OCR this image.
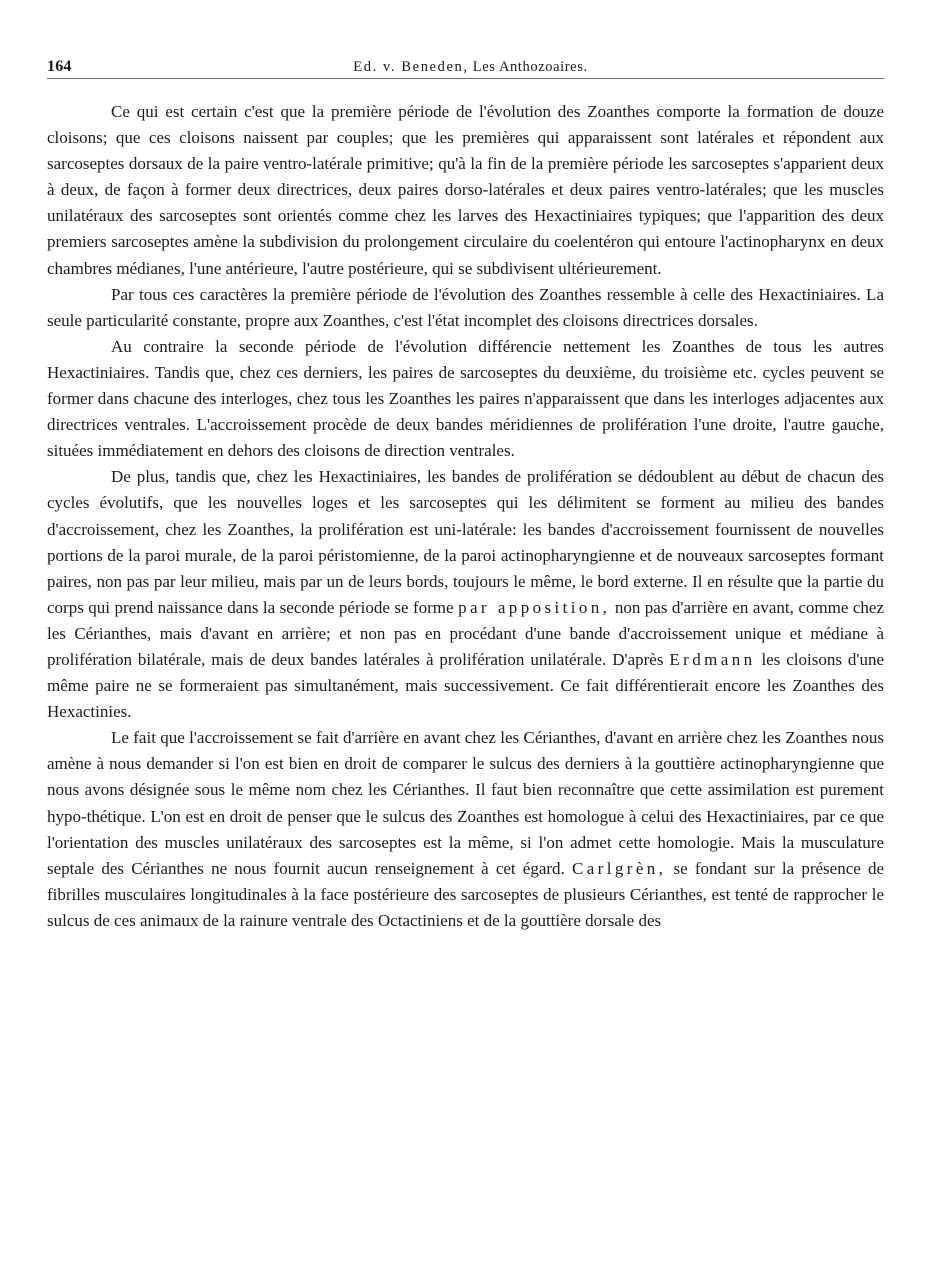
164	Ed. v. Beneden, Les Anthozoaires.

Ce qui est certain c'est que la première période de l'évolution des Zoanthes comporte la formation de douze cloisons; que ces cloisons naissent par couples; que les premières qui apparaissent sont latérales et répondent aux sarcoseptes dorsaux de la paire ventro-latérale primitive; qu'à la fin de la première période les sarcoseptes s'apparient deux à deux, de façon à former deux directrices, deux paires dorso-latérales et deux paires ventro-latérales; que les muscles unilatéraux des sarcoseptes sont orientés comme chez les larves des Hexactiniaires typiques; que l'apparition des deux premiers sarcoseptes amène la subdivision du prolongement circulaire du coelentéron qui entoure l'actinopharynx en deux chambres médianes, l'une antérieure, l'autre postérieure, qui se subdivisent ultérieurement.

Par tous ces caractères la première période de l'évolution des Zoanthes ressemble à celle des Hexactiniaires. La seule particularité constante, propre aux Zoanthes, c'est l'état incomplet des cloisons directrices dorsales.

Au contraire la seconde période de l'évolution différencie nettement les Zoanthes de tous les autres Hexactiniaires. Tandis que, chez ces derniers, les paires de sarcoseptes du deuxième, du troisième etc. cycles peuvent se former dans chacune des interloges, chez tous les Zoanthes les paires n'apparaissent que dans les interloges adjacentes aux directrices ventrales. L'accroissement procède de deux bandes méridiennes de prolifération l'une droite, l'autre gauche, situées immédiatement en dehors des cloisons de direction ventrales.

De plus, tandis que, chez les Hexactiniaires, les bandes de prolifération se dédoublent au début de chacun des cycles évolutifs, que les nouvelles loges et les sarcoseptes qui les délimitent se forment au milieu des bandes d'accroissement, chez les Zoanthes, la prolifération est uni-latérale: les bandes d'accroissement fournissent de nouvelles portions de la paroi murale, de la paroi péristomienne, de la paroi actinopharyngienne et de nouveaux sarcoseptes formant paires, non pas par leur milieu, mais par un de leurs bords, toujours le même, le bord externe. Il en résulte que la partie du corps qui prend naissance dans la seconde période se forme par apposition, non pas d'arrière en avant, comme chez les Cérianthes, mais d'avant en arrière; et non pas en procédant d'une bande d'accroissement unique et médiane à prolifération bilatérale, mais de deux bandes latérales à prolifération unilatérale. D'après Erdmann les cloisons d'une même paire ne se formeraient pas simultanément, mais successivement. Ce fait différentierait encore les Zoanthes des Hexactinies.

Le fait que l'accroissement se fait d'arrière en avant chez les Cérianthes, d'avant en arrière chez les Zoanthes nous amène à nous demander si l'on est bien en droit de comparer le sulcus des derniers à la gouttière actinopharyngienne que nous avons désignée sous le même nom chez les Cérianthes. Il faut bien reconnaître que cette assimilation est purement hypo-thétique. L'on est en droit de penser que le sulcus des Zoanthes est homologue à celui des Hexactiniaires, par ce que l'orientation des muscles unilatéraux des sarcoseptes est la même, si l'on admet cette homologie. Mais la musculature septale des Cérianthes ne nous fournit aucun renseignement à cet égard. Carlgrèn, se fondant sur la présence de fibrilles musculaires longitudinales à la face postérieure des sarcoseptes de plusieurs Cérianthes, est tenté de rapprocher le sulcus de ces animaux de la rainure ventrale des Octactiniens et de la gouttière dorsale des
